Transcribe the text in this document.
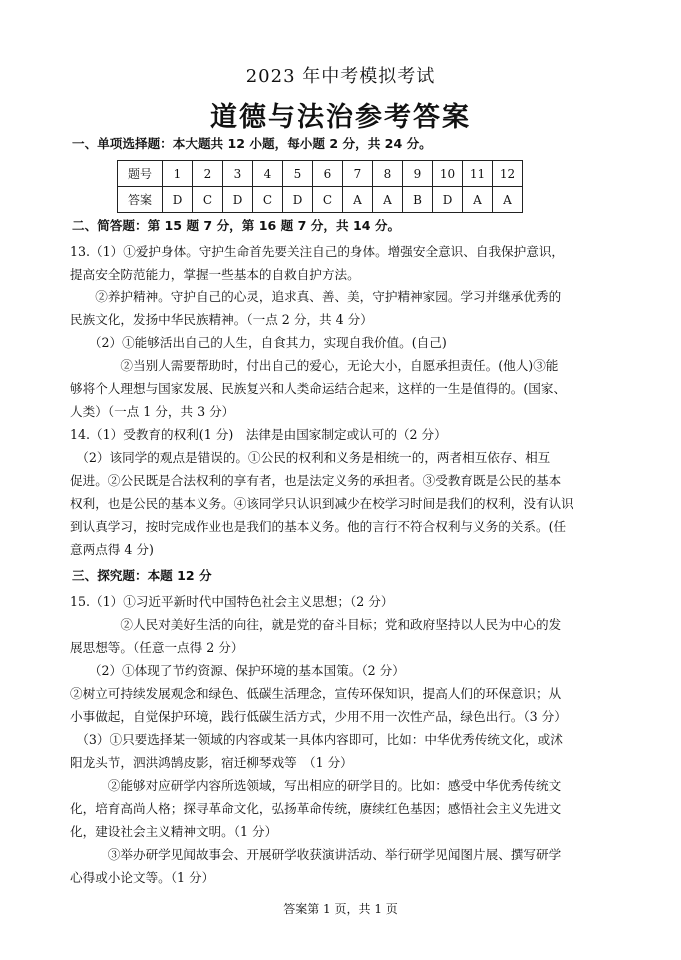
2023 年中考模拟考试
道德与法治参考答案
一、单项选择题：本大题共 12 小题，每小题 2 分，共 24 分。
题号	1	2	3	4	5	6	7	8	9	10	11	12
答案	D	C	D	C	D	C	A	A	B	D	A	A
二、简答题：第 15 题 7 分，第 16 题 7 分，共 14 分。
13.（1）①爱护身体。守护生命首先要关注自己的身体。增强安全意识、自我保护意识，
提高安全防范能力，掌握一些基本的自救自护方法。
　　②养护精神。守护自己的心灵，追求真、善、美，守护精神家园。学习并继承优秀的
民族文化，发扬中华民族精神。（一点 2 分，共 4 分）
　　（2）①能够活出自己的人生，自食其力，实现自我价值。(自己)
　　　　②当别人需要帮助时，付出自己的爱心，无论大小，自愿承担责任。(他人)③能
够将个人理想与国家发展、民族复兴和人类命运结合起来，这样的一生是值得的。(国家、
人类）（一点 1 分，共 3 分）
14.（1）受教育的权利(1 分)　法律是由国家制定或认可的（2 分）
　（2）该同学的观点是错误的。①公民的权利和义务是相统一的，两者相互依存、相互
促进。②公民既是合法权利的享有者，也是法定义务的承担者。③受教育既是公民的基本
权利，也是公民的基本义务。④该同学只认识到减少在校学习时间是我们的权利，没有认识
到认真学习，按时完成作业也是我们的基本义务。他的言行不符合权利与义务的关系。(任
意两点得 4 分)
三、探究题：本题 12 分
15.（1）①习近平新时代中国特色社会主义思想；（2 分）
　　　　②人民对美好生活的向往，就是党的奋斗目标；党和政府坚持以人民为中心的发
展思想等。（任意一点得 2 分）
　　（2）①体现了节约资源、保护环境的基本国策。（2 分）
②树立可持续发展观念和绿色、低碳生活理念，宣传环保知识，提高人们的环保意识；从
小事做起，自觉保护环境，践行低碳生活方式，少用不用一次性产品，绿色出行。（3 分）
　（3）①只要选择某一领域的内容或某一具体内容即可，比如：中华优秀传统文化，或沭
阳龙头节，泗洪鸿鹄皮影，宿迁柳琴戏等　（1 分）
　　　②能够对应研学内容所选领域，写出相应的研学目的。比如：感受中华优秀传统文
化，培育高尚人格；探寻革命文化，弘扬革命传统，赓续红色基因；感悟社会主义先进文
化，建设社会主义精神文明。（1 分）
　　　③举办研学见闻故事会、开展研学收获演讲活动、举行研学见闻图片展、撰写研学
心得或小论文等。（1 分）
答案第 1 页，共 1 页
